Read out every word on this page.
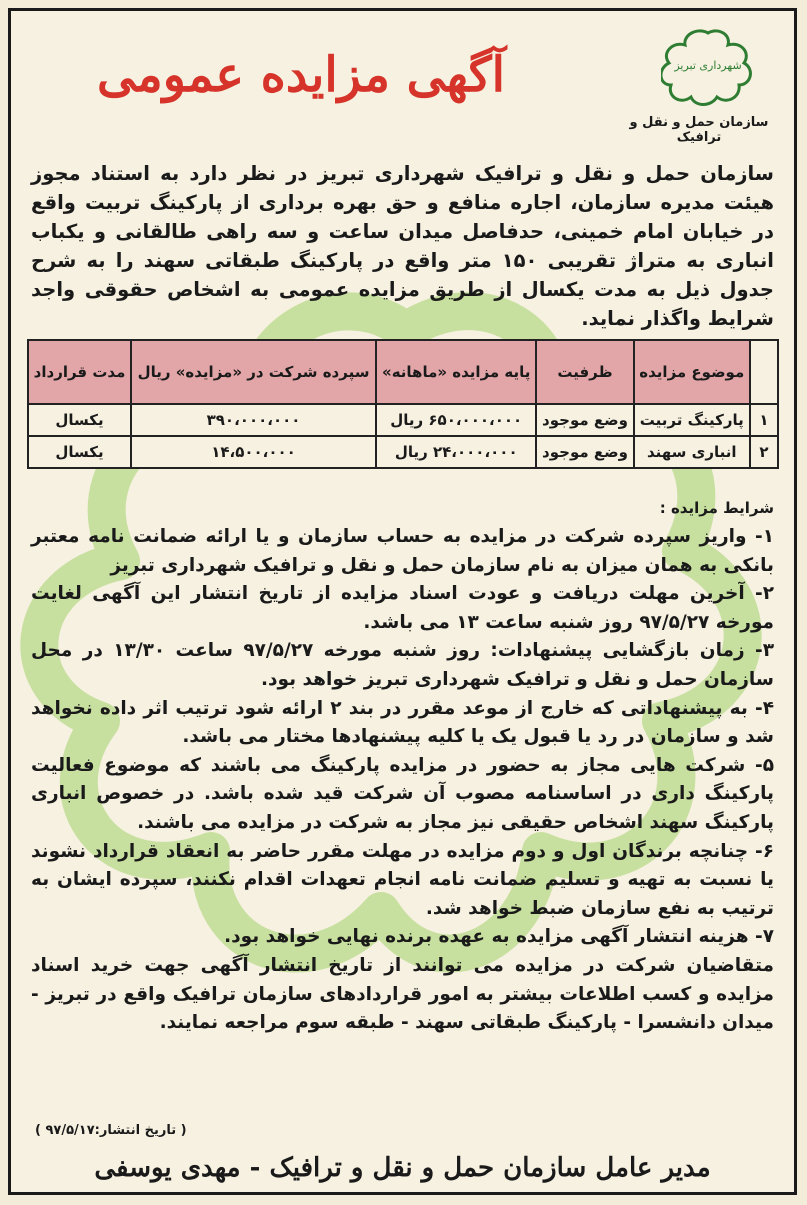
شهرداری تبریز
سازمان حمل و نقل و ترافیک
آگهی مزایده عمومی
سازمان حمل و نقل و ترافیک شهرداری تبریز در نظر دارد به استناد مجوز هیئت مدیره سازمان، اجاره منافع و حق بهره برداری از پارکینگ تربیت واقع در خیابان امام خمینی، حدفاصل میدان ساعت و سه راهی طالقانی و یکباب انباری به متراژ تقریبی ۱۵۰ متر واقع در پارکینگ طبقاتی سهند را به شرح جدول ذیل به مدت یکسال از طریق مزایده عمومی به اشخاص حقوقی واجد شرایط واگذار نماید.
	موضوع مزایده	ظرفیت	پایه مزایده «ماهانه»	سپرده شرکت در «مزایده» ریال	مدت قرارداد
۱	پارکینگ تربیت	وضع موجود	۶۵۰،۰۰۰،۰۰۰ ریال	۳۹۰،۰۰۰،۰۰۰	یکسال
۲	انباری سهند	وضع موجود	۲۴،۰۰۰،۰۰۰ ریال	۱۴،۵۰۰،۰۰۰	یکسال
شرایط مزایده :

۱- واریز سپرده شرکت در مزایده به حساب سازمان و یا ارائه ضمانت نامه معتبر بانکی به همان میزان به نام سازمان حمل و نقل و ترافیک شهرداری تبریز

۲- آخرین مهلت دریافت و عودت اسناد مزایده از تاریخ انتشار این آگهی لغایت مورخه ۹۷/۵/۲۷ روز شنبه ساعت ۱۳ می باشد.

۳- زمان بازگشایی پیشنهادات: روز شنبه مورخه ۹۷/۵/۲۷ ساعت ۱۳/۳۰ در محل سازمان حمل و نقل و ترافیک شهرداری تبریز خواهد بود.

۴- به پیشنهاداتی که خارج از موعد مقرر در بند ۲ ارائه شود ترتیب اثر داده نخواهد شد و سازمان در رد یا قبول یک یا کلیه پیشنهادها مختار می باشد.

۵- شرکت هایی مجاز به حضور در مزایده پارکینگ می باشند که موضوع فعالیت پارکینگ داری در اساسنامه مصوب آن شرکت قید شده باشد. در خصوص انباری پارکینگ سهند اشخاص حقیقی نیز مجاز به شرکت در مزایده می باشند.

۶- چنانچه برندگان اول و دوم مزایده در مهلت مقرر حاضر به انعقاد قرارداد نشوند یا نسبت به تهیه و تسلیم ضمانت نامه انجام تعهدات اقدام نکنند، سپرده ایشان به ترتیب به نفع سازمان ضبط خواهد شد.

۷- هزینه انتشار آگهی مزایده به عهده برنده نهایی خواهد بود.

متقاضیان شرکت در مزایده می توانند از تاریخ انتشار آگهی جهت خرید اسناد مزایده و کسب اطلاعات بیشتر به امور قراردادهای سازمان ترافیک واقع در تبریز - میدان دانشسرا - پارکینگ طبقاتی سهند - طبقه سوم مراجعه نمایند.

( تاریخ انتشار:۹۷/۵/۱۷ )
مدیر عامل سازمان حمل و نقل و ترافیک - مهدی یوسفی
